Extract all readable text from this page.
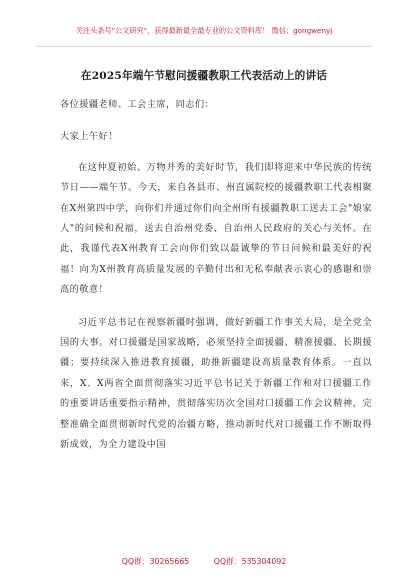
关注头条号"公文研究"，获得最新最全最专业的公文资料库！ 微信：gongwenyj
在2025年端午节慰问援疆教职工代表活动上的讲话

各位援疆老师、工会主席，同志们：

大家上午好！

在这仲夏初始、万物并秀的美好时节，我们即将迎来中华民族的传统节日——端午节。今天，来自各县市、州直属院校的援疆教职工代表相聚在X州第四中学，向你们并通过你们向全州所有援疆教职工送去工会"娘家人"的问候和祝福，送去自治州党委、自治州人民政府的关心与关怀。在此，我谨代表X州教育工会向你们致以最诚挚的节日问候和最美好的祝福！向为X州教育高质量发展的辛勤付出和无私奉献表示衷心的感谢和崇高的敬意！

习近平总书记在视察新疆时强调，做好新疆工作事关大局，是全党全国的大事。对口援疆是国家战略，必须坚持全面援疆、精准援疆、长期援疆；要持续深入推进教育援疆，助推新疆建设高质量教育体系。一直以来，X、X两省全面贯彻落实习近平总书记关于新疆工作和对口援疆工作的重要讲话重要指示精神，贯彻落实历次全国对口援疆工作会议精神，完整准确全面贯彻新时代党的治疆方略，推动新时代对口援疆工作不断取得新成效，为全力建设中国

QQ群：30265665	QQ群：535304092
